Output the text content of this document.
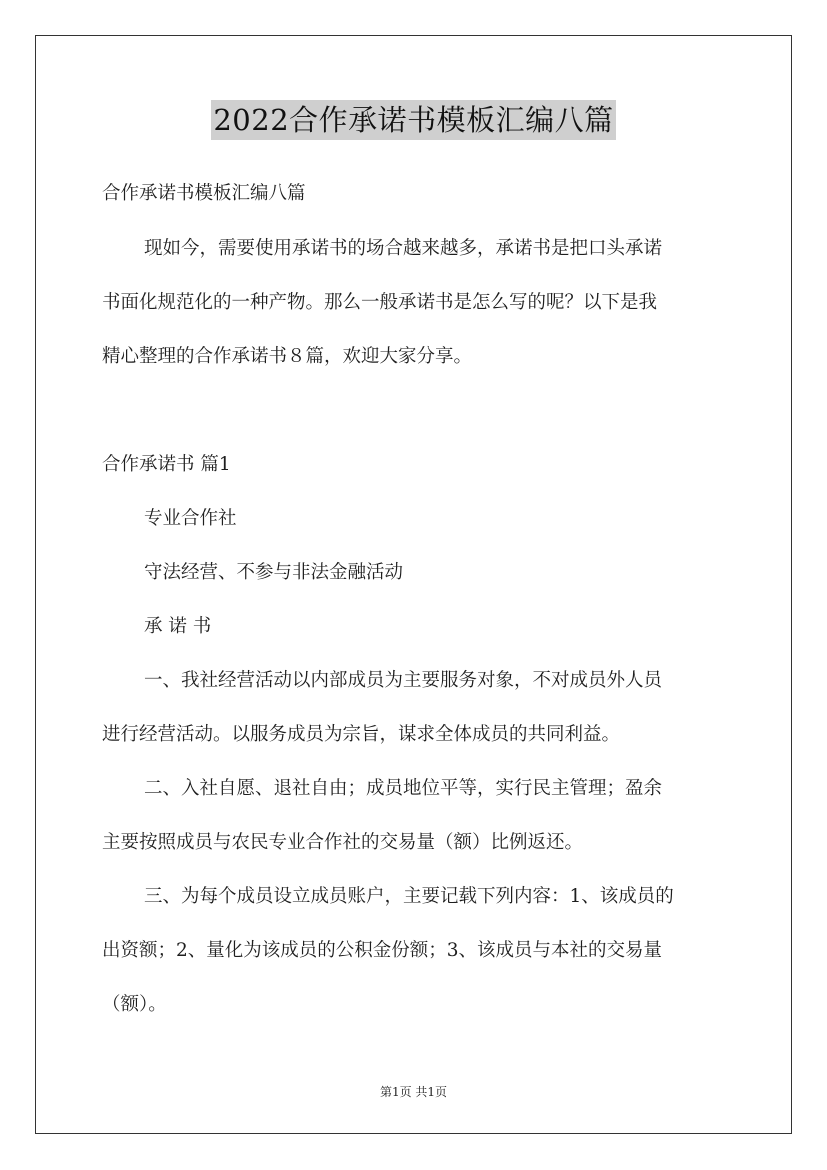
2022合作承诺书模板汇编八篇
合作承诺书模板汇编八篇
现如今，需要使用承诺书的场合越来越多，承诺书是把口头承诺
书面化规范化的一种产物。那么一般承诺书是怎么写的呢？以下是我
精心整理的合作承诺书８篇，欢迎大家分享。
合作承诺书 篇1
专业合作社
守法经营、不参与非法金融活动
承 诺 书
一、我社经营活动以内部成员为主要服务对象，不对成员外人员
进行经营活动。以服务成员为宗旨，谋求全体成员的共同利益。
二、入社自愿、退社自由；成员地位平等，实行民主管理；盈余
主要按照成员与农民专业合作社的交易量（额）比例返还。
三、为每个成员设立成员账户，主要记载下列内容：1、该成员的
出资额；2、量化为该成员的公积金份额；3、该成员与本社的交易量
（额）。
第1页 共1页
